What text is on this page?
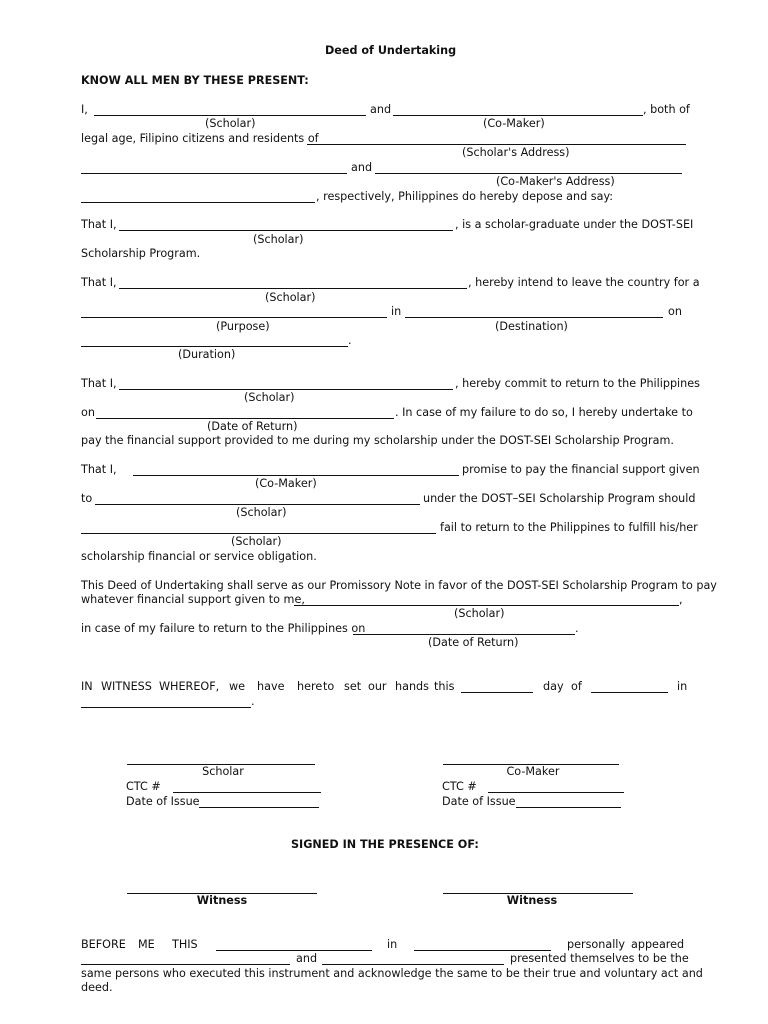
Deed of Undertaking
KNOW ALL MEN BY THESE PRESENT:
I,	and	, both of
(Scholar)	(Co-Maker)
legal age, Filipino citizens and residents of
(Scholar's Address)
and
(Co-Maker's Address)
, respectively, Philippines do hereby depose and say:
That I,	, is a scholar-graduate under the DOST-SEI
(Scholar)
Scholarship Program.
That I,	, hereby intend to leave the country for a
(Scholar)
in	on
(Purpose)	(Destination)
.
(Duration)
That I,	, hereby commit to return to the Philippines
(Scholar)
on	. In case of my failure to do so, I hereby undertake to
(Date of Return)
pay the financial support provided to me during my scholarship under the DOST-SEI Scholarship Program.
That I,	promise to pay the financial support given
(Co-Maker)
to	under the DOST–SEI Scholarship Program should
(Scholar)
fail to return to the Philippines to fulfill his/her
(Scholar)
scholarship financial or service obligation.
This Deed of Undertaking shall serve as our Promissory Note in favor of the DOST-SEI Scholarship Program to pay
whatever financial support given to me,	,
(Scholar)
in case of my failure to return to the Philippines on	.
(Date of Return)
IN WITNESS WHEREOF, we have here to set our hands this	day of	in
.
Scholar
CTC #
Date of Issue
Co-Maker
CTC #
Date of Issue
SIGNED IN THE PRESENCE OF:
Witness	Witness
BEFORE ME THIS	in	personally appeared
and	presented themselves to be the
same persons who executed this instrument and acknowledge the same to be their true and voluntary act and
deed.
